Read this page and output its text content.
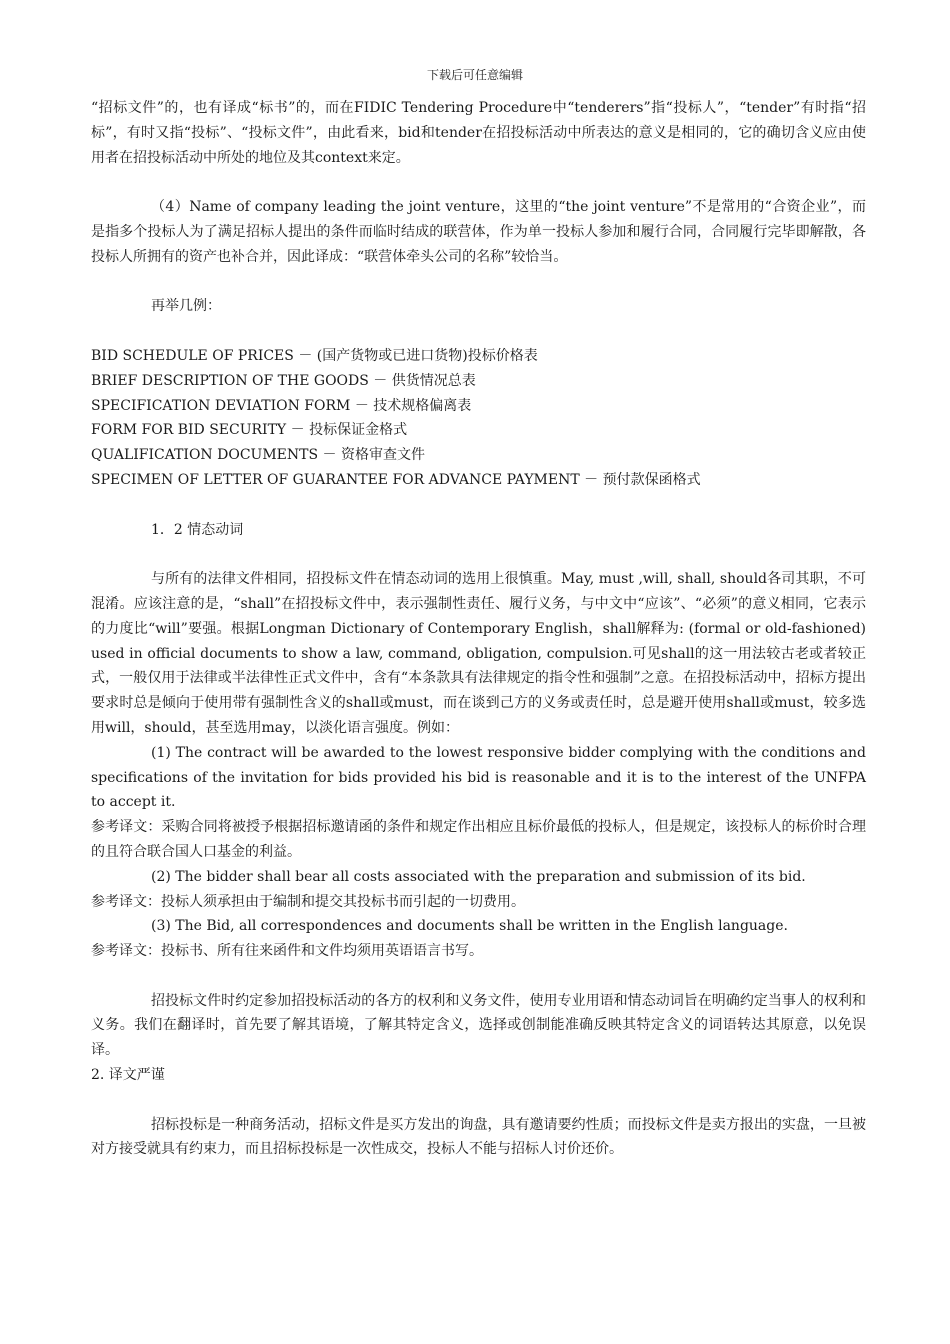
下载后可任意编辑

“招标文件”的，也有译成“标书”的，而在FIDIC Tendering Procedure中“tenderers”指“投标人”，“tender”有时指“招标”，有时又指“投标”、“投标文件”，由此看来，bid和tender在招投标活动中所表达的意义是相同的，它的确切含义应由使用者在招投标活动中所处的地位及其context来定。

（4）Name of company leading the joint venture，这里的“the joint venture”不是常用的“合资企业”，而是指多个投标人为了满足招标人提出的条件而临时结成的联营体，作为单一投标人参加和履行合同，合同履行完毕即解散，各投标人所拥有的资产也补合并，因此译成：“联营体牵头公司的名称”较恰当。

再举几例：

BID SCHEDULE OF PRICES － (国产货物或已进口货物)投标价格表
BRIEF DESCRIPTION OF THE GOODS － 供货情况总表
SPECIFICATION DEVIATION FORM － 技术规格偏离表
FORM FOR BID SECURITY － 投标保证金格式
QUALIFICATION DOCUMENTS － 资格审查文件
SPECIMEN OF LETTER OF GUARANTEE FOR ADVANCE PAYMENT － 预付款保函格式

1．2 情态动词

与所有的法律文件相同，招投标文件在情态动词的选用上很慎重。May, must ,will, shall, should各司其职，不可混淆。应该注意的是，“shall”在招投标文件中，表示强制性责任、履行义务，与中文中“应该”、“必须”的意义相同，它表示的力度比“will”要强。根据Longman Dictionary of Contemporary English，shall解释为: (formal or old-fashioned) used in official documents to show a law, command, obligation, compulsion.可见shall的这一用法较古老或者较正式，一般仅用于法律或半法律性正式文件中，含有“本条款具有法律规定的指令性和强制”之意。在招投标活动中，招标方提出要求时总是倾向于使用带有强制性含义的shall或must，而在谈到己方的义务或责任时，总是避开使用shall或must，较多选用will，should，甚至选用may，以淡化语言强度。例如：

(1) The contract will be awarded to the lowest responsive bidder complying with the conditions and specifications of the invitation for bids provided his bid is reasonable and it is to the interest of the UNFPA to accept it.

参考译文：采购合同将被授予根据招标邀请函的条件和规定作出相应且标价最低的投标人，但是规定，该投标人的标价时合理的且符合联合国人口基金的利益。

(2) The bidder shall bear all costs associated with the preparation and submission of its bid.

参考译文：投标人须承担由于编制和提交其投标书而引起的一切费用。

(3) The Bid, all correspondences and documents shall be written in the English language.

参考译文：投标书、所有往来函件和文件均须用英语语言书写。

招投标文件时约定参加招投标活动的各方的权利和义务文件，使用专业用语和情态动词旨在明确约定当事人的权利和义务。我们在翻译时，首先要了解其语境，了解其特定含义，选择或创制能准确反映其特定含义的词语转达其原意，以免误译。

2. 译文严谨

招标投标是一种商务活动，招标文件是买方发出的询盘，具有邀请要约性质；而投标文件是卖方报出的实盘，一旦被对方接受就具有约束力，而且招标投标是一次性成交，投标人不能与招标人讨价还价。
